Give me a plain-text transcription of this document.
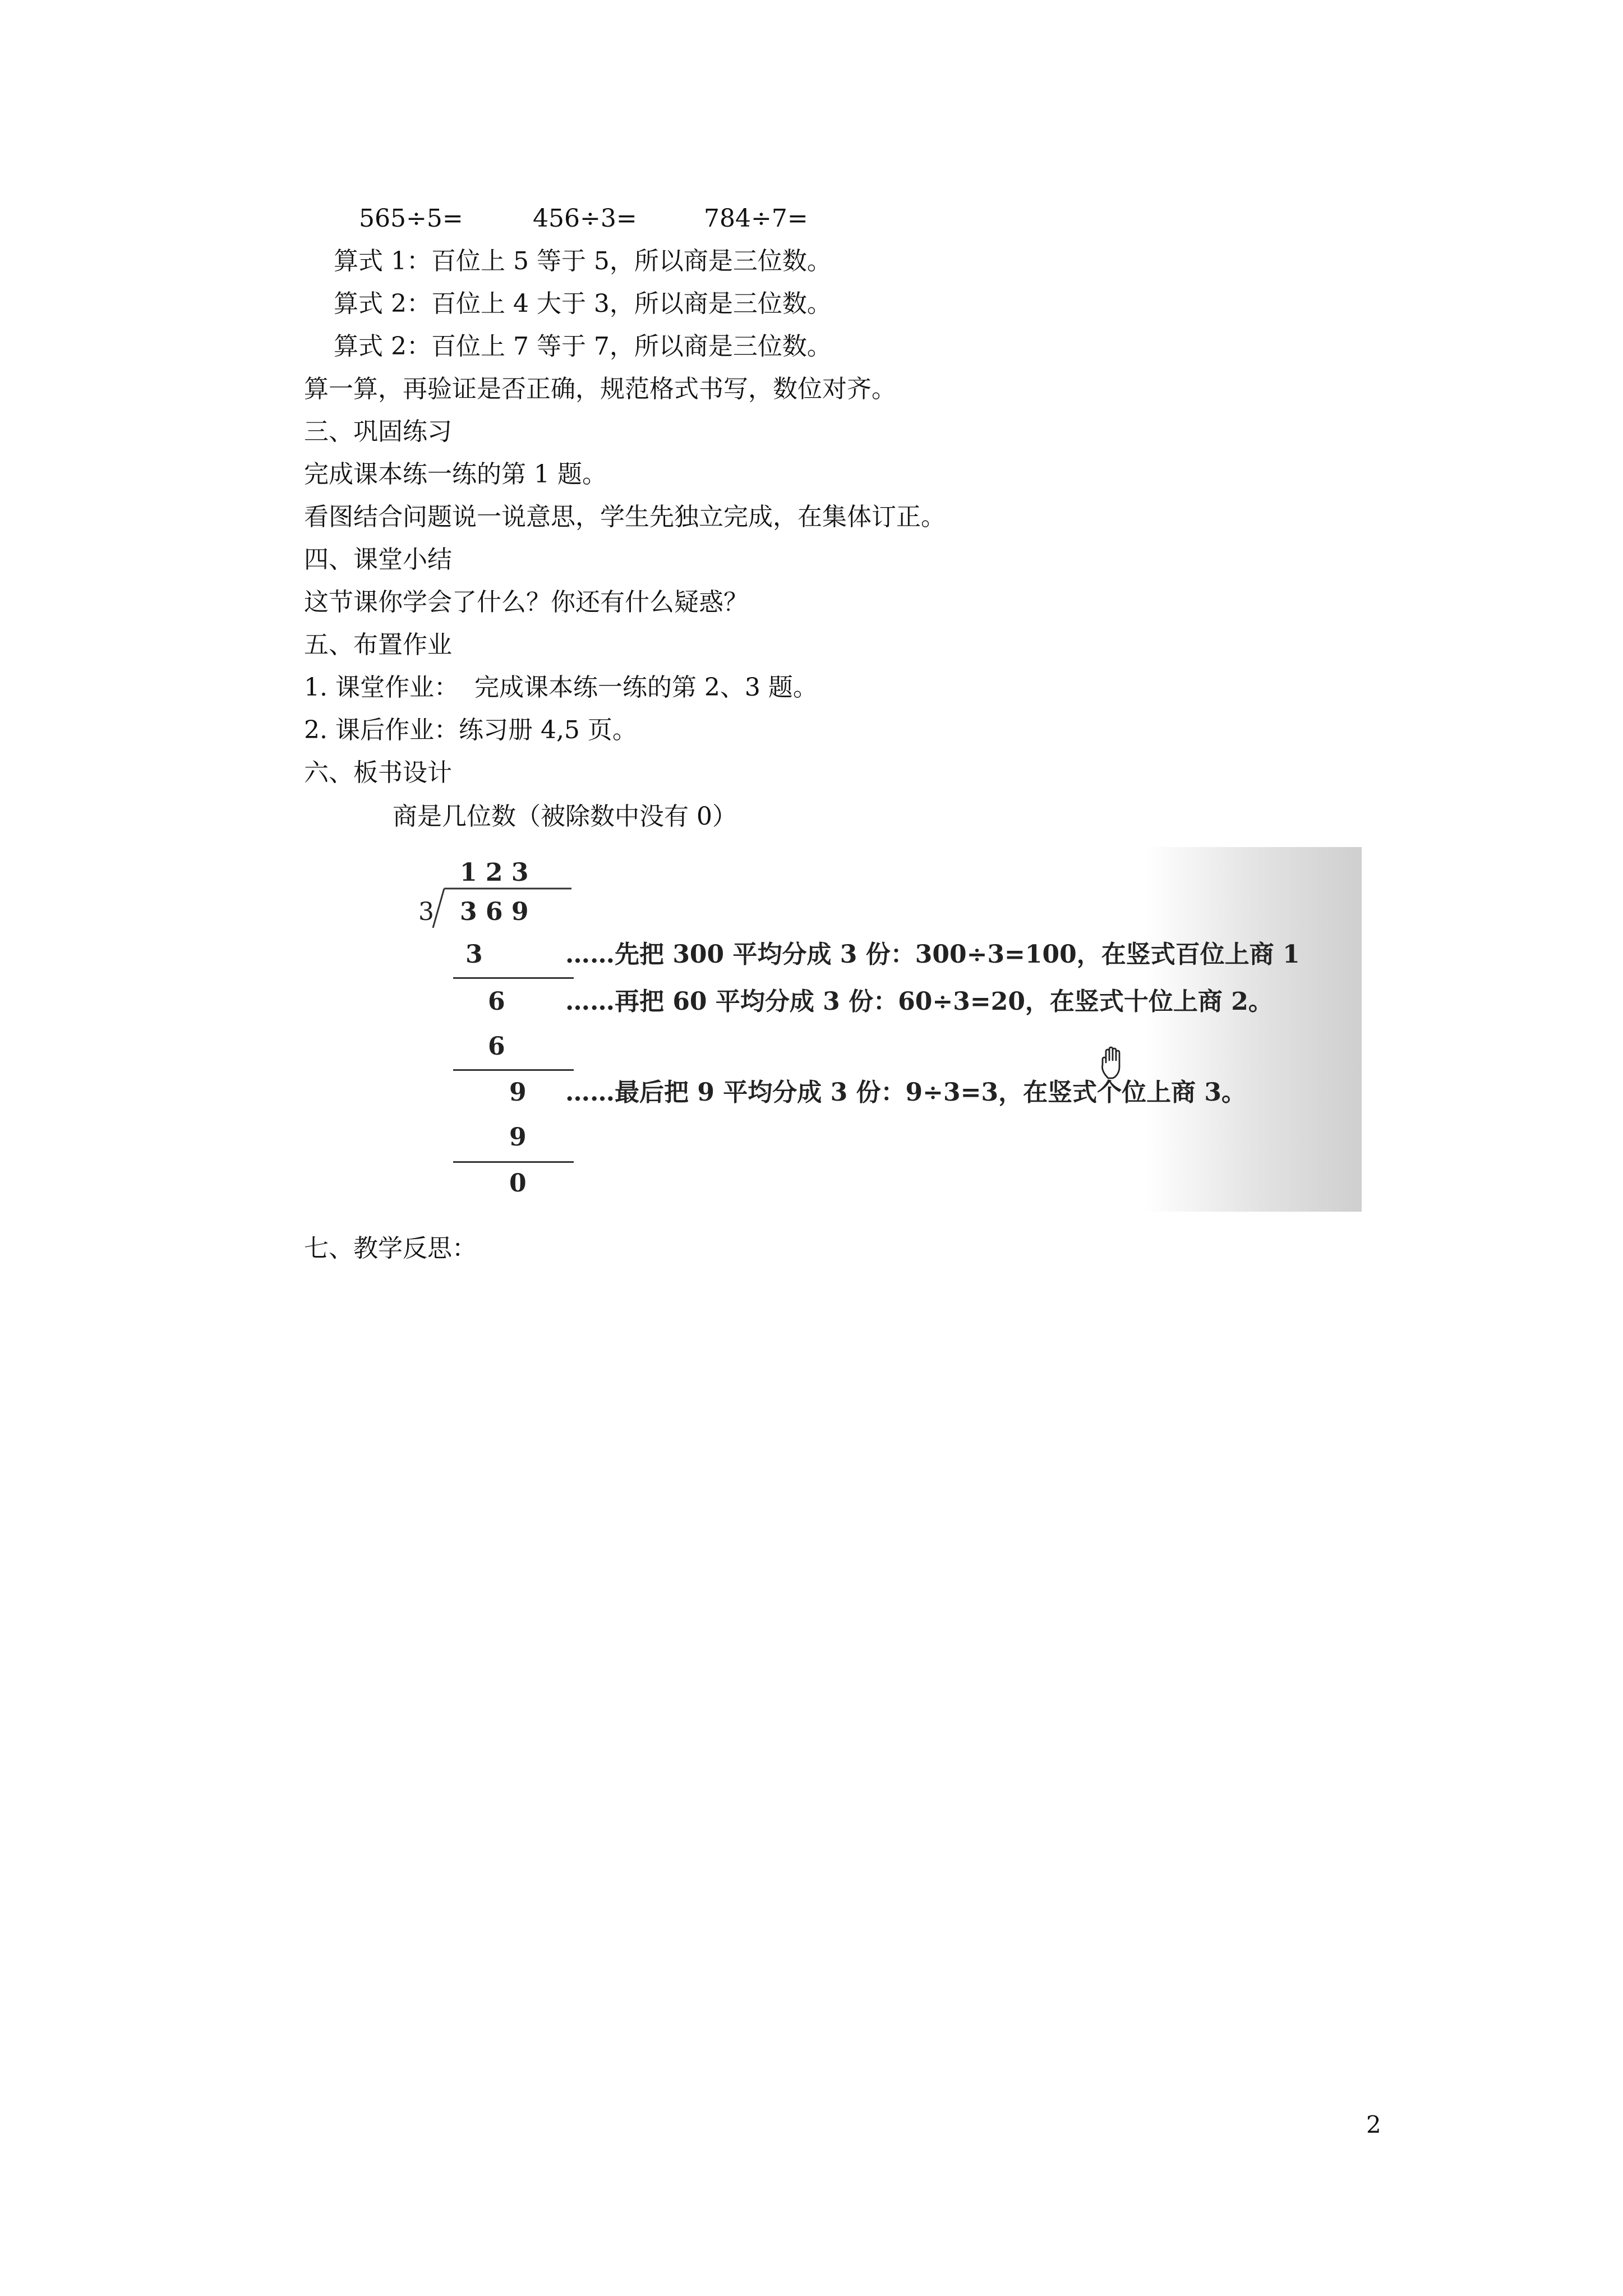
565÷5=	456÷3=	784÷7=
算式 1：百位上 5 等于 5，所以商是三位数。
算式 2：百位上 4 大于 3，所以商是三位数。
算式 2：百位上 7 等于 7，所以商是三位数。
算一算，再验证是否正确，规范格式书写，数位对齐。
三、巩固练习
完成课本练一练的第 1 题。
看图结合问题说一说意思，学生先独立完成，在集体订正。
四、课堂小结
这节课你学会了什么？你还有什么疑惑？
五、布置作业
1. 课堂作业：  完成课本练一练的第 2、3 题。
2. 课后作业：练习册 4,5 页。
六、板书设计
商是几位数（被除数中没有 0）
1 2 3
3 3 6 9
3
6
6
9
9
0
……先把 300 平均分成 3 份：300÷3=100，在竖式百位上商 1
……再把 60 平均分成 3 份：60÷3=20，在竖式十位上商 2。
……最后把 9 平均分成 3 份：9÷3=3，在竖式个位上商 3。
七、教学反思：
2
